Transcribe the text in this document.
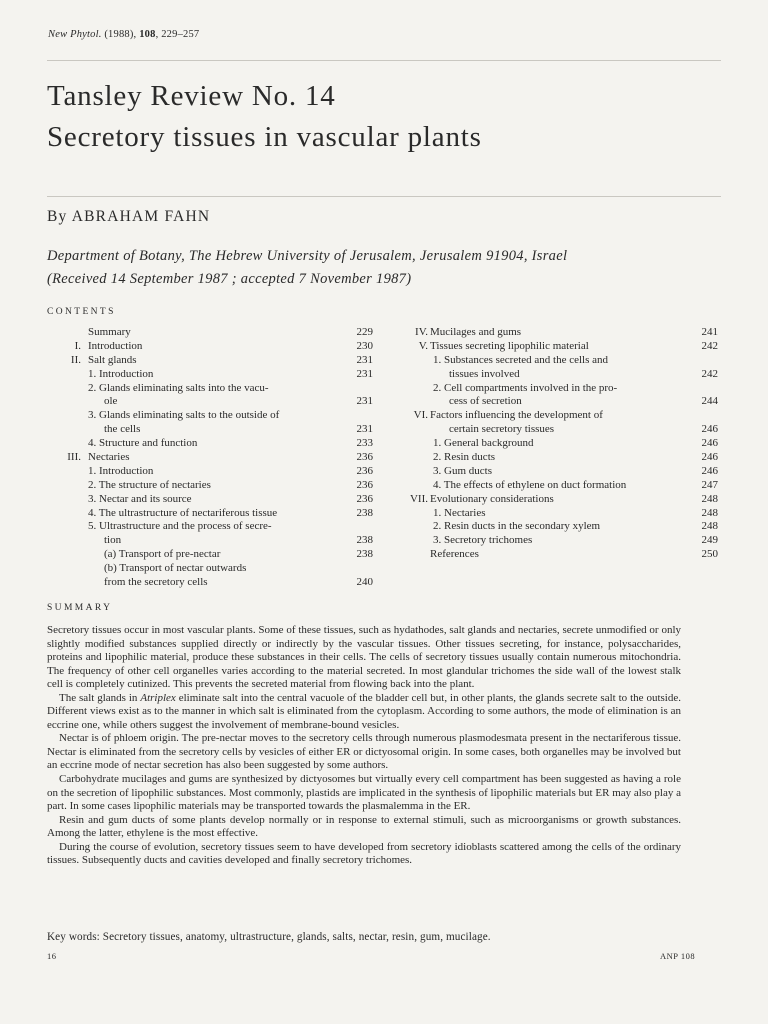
New Phytol. (1988), 108, 229–257
Tansley Review No. 14
Secretory tissues in vascular plants
By ABRAHAM FAHN
Department of Botany, The Hebrew University of Jerusalem, Jerusalem 91904, Israel
(Received 14 September 1987 ; accepted 7 November 1987)
CONTENTS
Summary	229
I. Introduction	230
II. Salt glands	231
1. Introduction	231
2. Glands eliminating salts into the vacu-
ole	231
3. Glands eliminating salts to the outside of
the cells	231
4. Structure and function	233
III. Nectaries	236
1. Introduction	236
2. The structure of nectaries	236
3. Nectar and its source	236
4. The ultrastructure of nectariferous tissue	238
5. Ultrastructure and the process of secre-
tion	238
(a) Transport of pre-nectar	238
(b) Transport of nectar outwards
from the secretory cells	240
IV. Mucilages and gums	241
V. Tissues secreting lipophilic material	242
1. Substances secreted and the cells and
tissues involved	242
2. Cell compartments involved in the pro-
cess of secretion	244
VI. Factors influencing the development of
certain secretory tissues	246
1. General background	246
2. Resin ducts	246
3. Gum ducts	246
4. The effects of ethylene on duct formation	247
VII. Evolutionary considerations	248
1. Nectaries	248
2. Resin ducts in the secondary xylem	248
3. Secretory trichomes	249
References	250
SUMMARY

Secretory tissues occur in most vascular plants. Some of these tissues, such as hydathodes, salt glands and nectaries, secrete unmodified or only slightly modified substances supplied directly or indirectly by the vascular tissues. Other tissues secreting, for instance, polysaccharides, proteins and lipophilic material, produce these substances in their cells. The cells of secretory tissues usually contain numerous mitochondria. The frequency of other cell organelles varies according to the material secreted. In most glandular trichomes the side wall of the lowest stalk cell is completely cutinized. This prevents the secreted material from flowing back into the plant.

The salt glands in Atriplex eliminate salt into the central vacuole of the bladder cell but, in other plants, the glands secrete salt to the outside. Different views exist as to the manner in which salt is eliminated from the cytoplasm. According to some authors, the mode of elimination is an eccrine one, while others suggest the involvement of membrane-bound vesicles.

Nectar is of phloem origin. The pre-nectar moves to the secretory cells through numerous plasmodesmata present in the nectariferous tissue. Nectar is eliminated from the secretory cells by vesicles of either ER or dictyosomal origin. In some cases, both organelles may be involved but an eccrine mode of nectar secretion has also been suggested by some authors.

Carbohydrate mucilages and gums are synthesized by dictyosomes but virtually every cell compartment has been suggested as having a role on the secretion of lipophilic substances. Most commonly, plastids are implicated in the synthesis of lipophilic materials but ER may also play a part. In some cases lipophilic materials may be transported towards the plasmalemma in the ER.

Resin and gum ducts of some plants develop normally or in response to external stimuli, such as microorganisms or growth substances. Among the latter, ethylene is the most effective.

During the course of evolution, secretory tissues seem to have developed from secretory idioblasts scattered among the cells of the ordinary tissues. Subsequently ducts and cavities developed and finally secretory trichomes.

Key words: Secretory tissues, anatomy, ultrastructure, glands, salts, nectar, resin, gum, mucilage.
16	ANP 108
